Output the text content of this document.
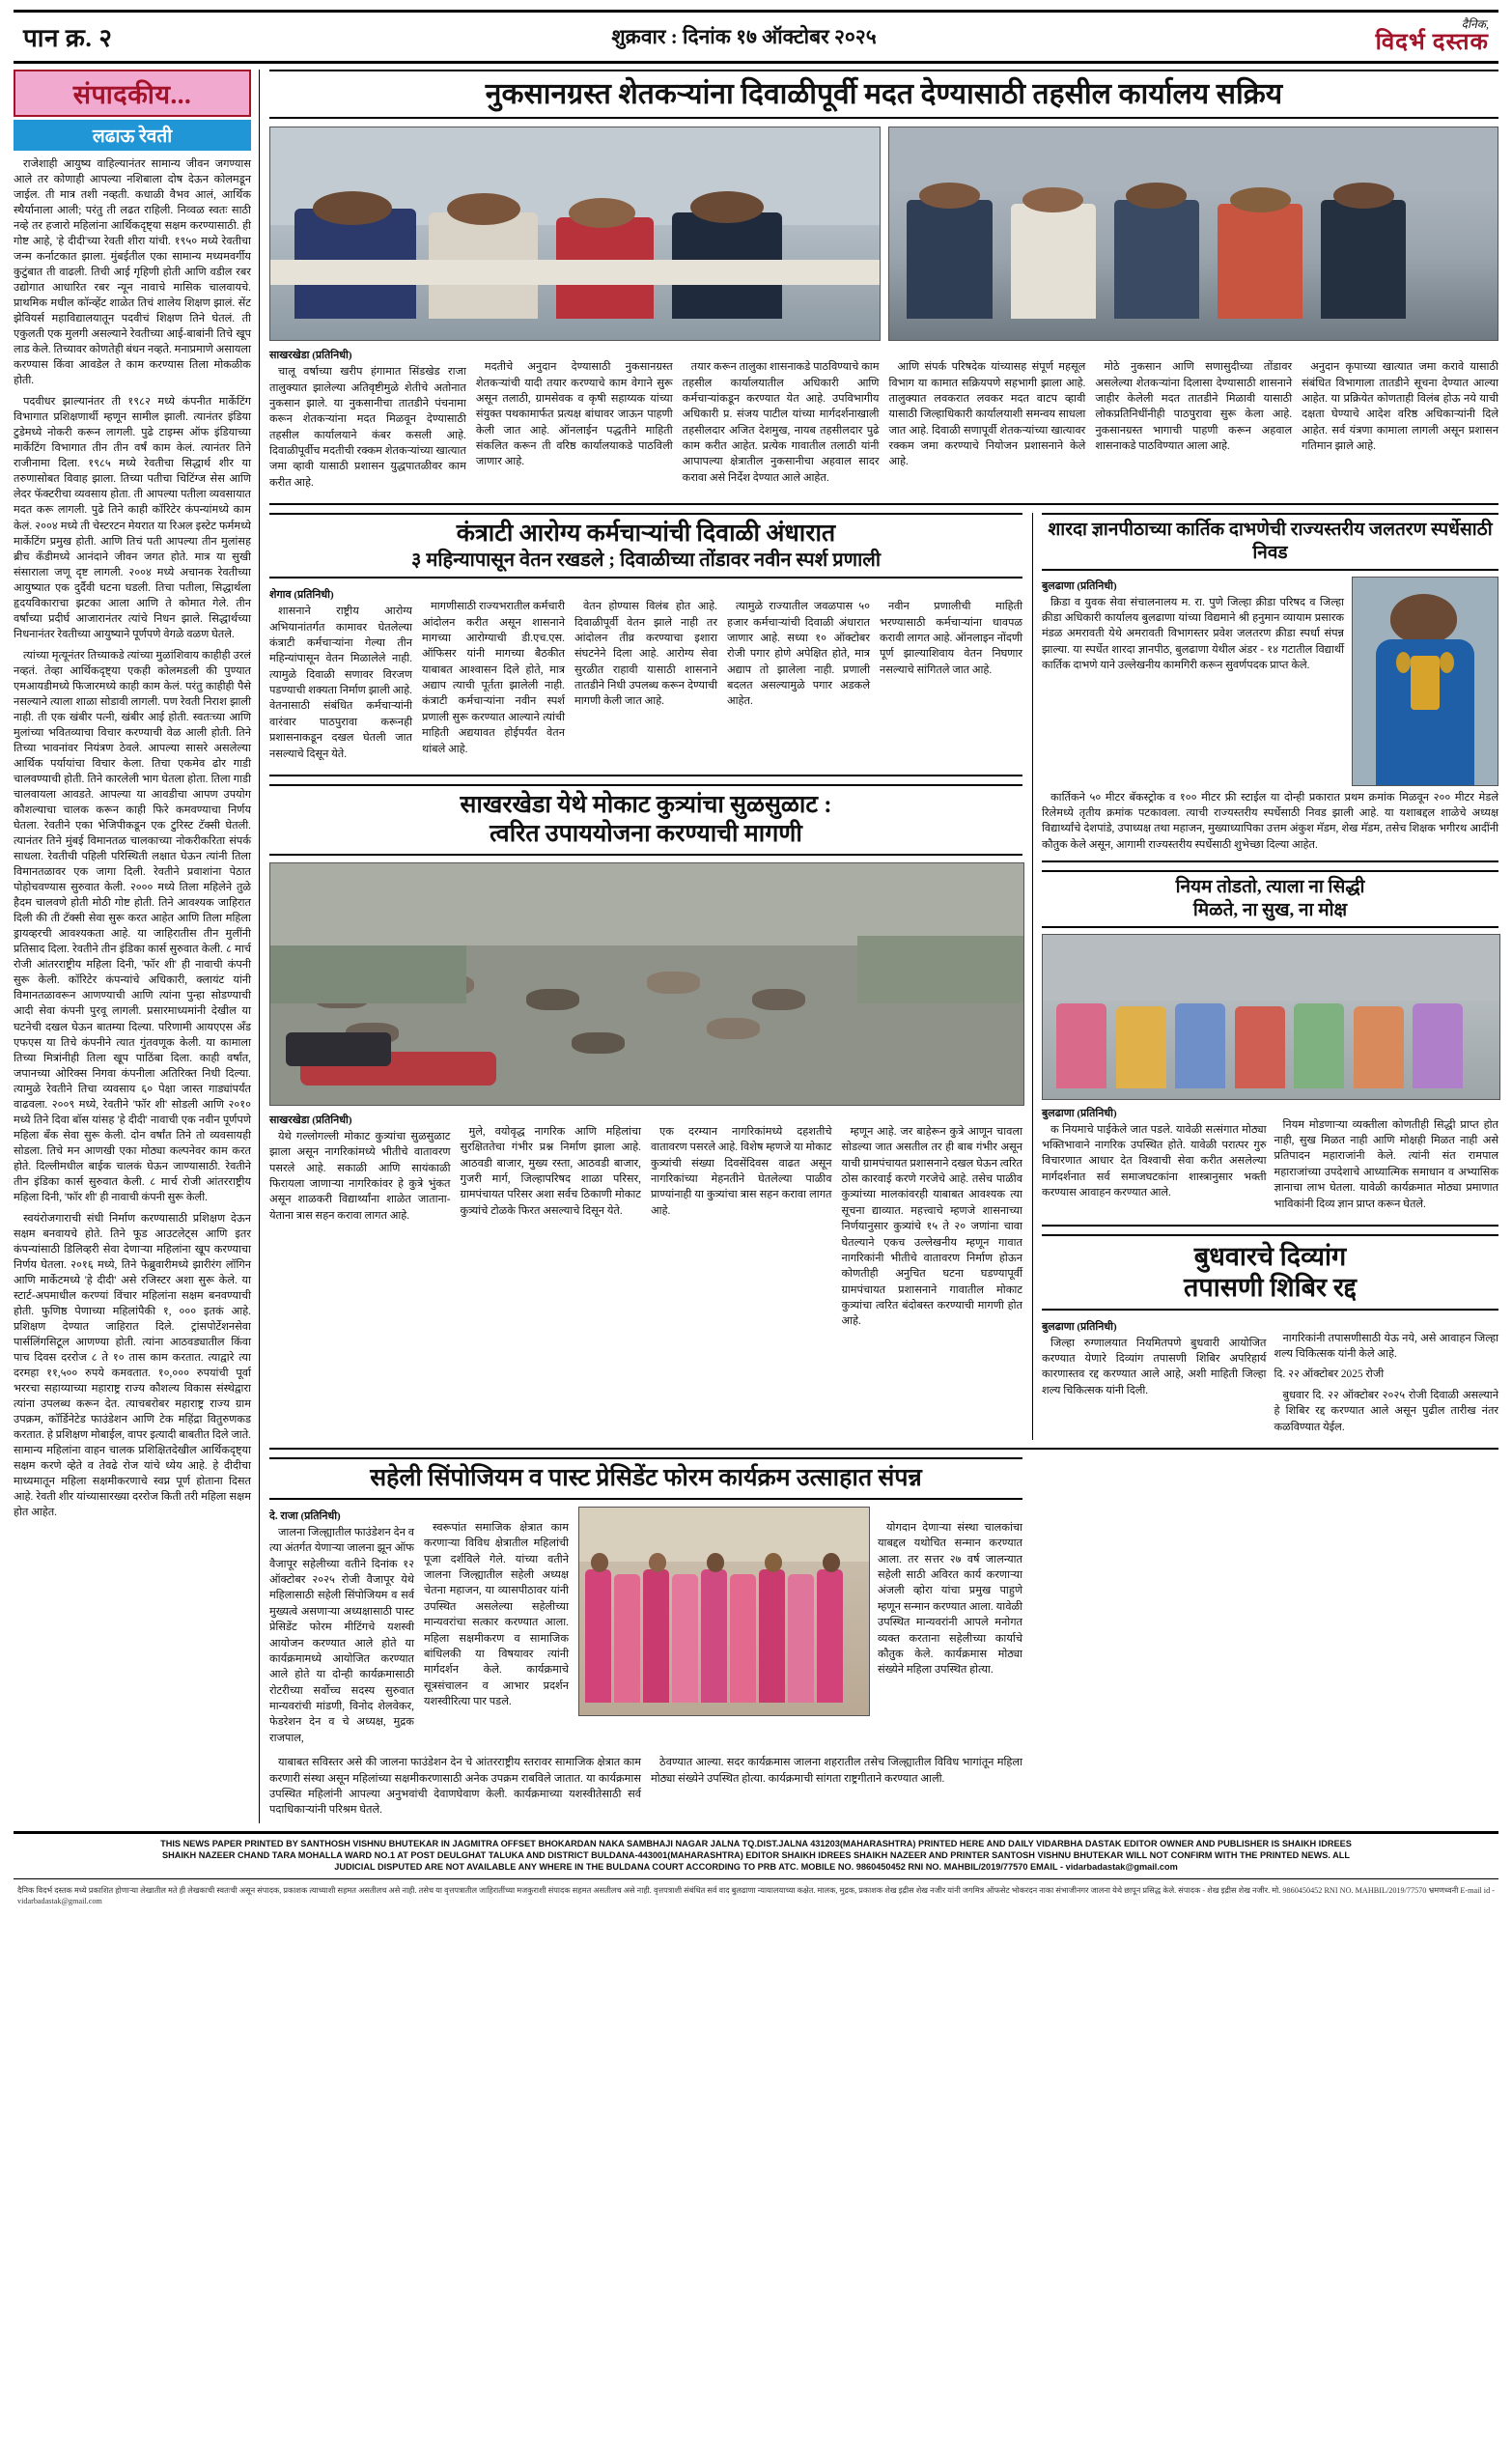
पान क्र. २	शुक्रवार : दिनांक १७ ऑक्टोबर २०२५
दैनिक,
विदर्भ दस्तक
संपादकीय...
लढाऊ रेवती

राजेशाही आयुष्य वाहिल्यानंतर सामान्य जीवन जगण्यास आले तर कोणाही आपल्या नशिबाला दोष देऊन कोलमडून जाईल. ती मात्र तशी नव्हती. कधाळी वैभव आलं, आर्थिक स्थैर्यानाला आली; परंतु ती लढत राहिली. निव्वळ स्वतः साठी नव्हे तर हजारो महिलांना आर्थिकदृष्ट्या सक्षम करण्यासाठी. ही गोष्ट आहे, 'हे दीदी'च्या रेवती शीरा यांची. १९५० मध्ये रेवतीचा जन्म कर्नाटकात झाला. मुंबईतील एका सामान्य मध्यमवर्गीय कुटुंबात ती वाढली. तिची आई गृहिणी होती आणि वडील रबर उद्योगात आधारित रबर न्यून नावाचे मासिक चालवायचे. प्राथमिक मधील कॉन्व्हेंट शाळेत तिचं शालेय शिक्षण झालं. सेंट झेवियर्स महाविद्यालयातून पदवीचं शिक्षण तिने घेतलं. ती एकुलती एक मुलगी असल्याने रेवतीच्या आई-बाबांनी तिचे खूप लाड केले. तिच्यावर कोणतेही बंधन नव्हते. मनाप्रमाणे असायला करण्यास किंवा आवडेल ते काम करण्यास तिला मोकळीक होती.

पदवीधर झाल्यानंतर ती १९८२ मध्ये कंपनीत मार्केटिंग विभागात प्रशिक्षणार्थी म्हणून सामील झाली. त्यानंतर इंडिया टुडेमध्ये नोकरी करून लागली. पुढे टाइम्स ऑफ इंडियाच्या मार्केटिंग विभागात तीन तीन वर्षं काम केलं. त्यानंतर तिने राजीनामा दिला. १९८५ मध्ये रेवतीचा सिद्धार्थ शीर या तरुणासोबत विवाह झाला. तिच्या पतीचा चिटिंग्ज सेस आणि लेदर फॅक्टरीचा व्यवसाय होता. ती आपल्या पतीला व्यवसायात मदत करू लागली. पुढे तिने काही कॉरिटेर कंपन्यांमध्ये काम केलं. २००४ मध्ये ती चेस्टरटन मेयरात या रिअल इस्टेट फर्ममध्ये मार्केटिंग प्रमुख होती. आणि तिचं पती आपल्या तीन मुलांसह ब्रीच कँडीमध्ये आनंदाने जीवन जगत होते. मात्र या सुखी संसाराला जणू दृष्ट लागली. २००४ मध्ये अचानक रेवतीच्या आयुष्यात एक दुर्दैवी घटना घडली. तिचा पतीला, सिद्धार्थला हृदयविकाराचा झटका आला आणि ते कोमात गेले. तीन वर्षांच्या प्रदीर्घ आजारानंतर त्यांचे निधन झाले. सिद्धार्थच्या निधनानंतर रेवतीच्या आयुष्याने पूर्णपणे वेगळे वळण घेतले.

त्यांच्या मृत्यूनंतर तिच्याकडे त्यांच्या मुळांशिवाय काहीही उरलं नव्हतं. तेव्हा आर्थिकदृष्ट्या एकही कोलमडली की पुण्यात एमआयडीमध्ये फिजारमध्ये काही काम केलं. परंतु काहीही पैसे नसल्याने त्याला शाळा सोडावी लागली. पण रेवती निराश झाली नाही. ती एक खंबीर पत्नी, खंबीर आई होती. स्वतःच्या आणि मुलांच्या भवितव्याचा विचार करण्याची वेळ आली होती. तिने तिच्या भावनांवर नियंत्रण ठेवले. आपल्या सासरे असलेल्या आर्थिक पर्यायांचा विचार केला. तिचा एकमेव ढोर गाडी चालवण्याची होती. तिने कारलेली भाग घेतला होता. तिला गाडी चालवायला आवडते. आपल्या या आवडीचा आपण उपयोग कौशल्याचा चालक करून काही फिरे कमवण्याचा निर्णय घेतला. रेवतीने एका भेजिपीकडून एक टुरिस्ट टॅक्सी घेतली. त्यानंतर तिने मुंबई विमानतळ चालकाच्या नोकरीकरिता संपर्क साधला. रेवतीची पहिली परिस्थिती लक्षात घेऊन त्यांनी तिला विमानतळावर एक जागा दिली. रेवतीने प्रवाशांना पेठात पोहोचवण्यास सुरुवात केली. २००० मध्ये तिला महिलेने तुळे हैदम चालवणे होती मोठी गोष्ट होती. तिने आवश्यक जाहिरात दिली की ती टॅक्सी सेवा सुरू करत आहेत आणि तिला महिला ड्रायव्हरची आवश्यकता आहे. या जाहिरातीस तीन मुलींनी प्रतिसाद दिला. रेवतीने तीन इंडिका कार्स सुरुवात केली. ८ मार्च रोजी आंतरराष्ट्रीय महिला दिनी, 'फॉर शी' ही नावाची कंपनी सुरू केली. कॉरिटेर कंपन्यांचे अधिकारी, क्लायंट यांनी विमानतळावरून आणण्याची आणि त्यांना पुन्हा सोडण्याची आदी सेवा कंपनी पुरवू लागली. प्रसारमाध्यमांनी देखील या घटनेची दखल घेऊन बातम्या दिल्या. परिणामी आयएएस ॲंड एफएस या तिचे कंपनीने त्यात गुंतवणूक केली. या कामाला तिच्या मित्रांनीही तिला खूप पाठिंबा दिला. काही वर्षांत, जपानच्या ओरिक्स निगवा कंपनीला अतिरिक्त निधी दिल्या. त्यामुळे रेवतीने तिचा व्यवसाय ६० पेक्षा जास्त गाड्यांपर्यंत वाढवला. २००९ मध्ये, रेवतीने 'फॉर शी' सोडली आणि २०१० मध्ये तिने दिवा बॉस यांसह 'हे दीदी' नावाची एक नवीन पूर्णपणे महिला बँक सेवा सुरू केली. दोन वर्षांत तिने तो व्यवसायही सोडला. तिचे मन आणखी एका मोठ्या कल्पनेवर काम करत होते. दिल्लीमधील बाईक चालकं घेऊन जाण्यासाठी. रेवतीने तीन इंडिका कार्स सुरुवात केली. ८ मार्च रोजी आंतरराष्ट्रीय महिला दिनी, 'फॉर शी' ही नावाची कंपनी सुरू केली.

स्वयंरोजगाराची संधी निर्माण करण्यासाठी प्रशिक्षण देऊन सक्षम बनवायचे होते. तिने फूड आउटलेट्स आणि इतर कंपन्यांसाठी डिलिव्हरी सेवा देणाऱ्या महिलांना खूप करण्याचा निर्णय घेतला. २०१६ मध्ये, तिने फेब्रुवारीमध्ये झारीरंग लॉगिन आणि मार्केटमध्ये 'हे दीदी' असे रजिस्टर अशा सुरू केले. या स्टार्ट-अपमाधील करण्यां विंचार महिलांना सक्षम बनवण्याची होती. फुणिष्ठ पेणाच्या महिलांपैकी १, ००० इतकं आहे. प्रशिक्षण देण्यात जाहिरात दिले. ट्रांसपोर्टेशनसेवा पार्सलिंगसिटूल आणण्या होती. त्यांना आठवड्यातील किंवा पाच दिवस दररोज ८ ते १० तास काम करतात. त्याद्वारे त्या दरमहा ११,५०० रुपये कमवतात. १०,००० रुपयांची पूर्वा भररचा सहाय्याच्या महाराष्ट्र राज्य कौशल्य विकास संस्थेद्वारा त्यांना उपलब्ध करून देत. त्याचबरोबर महाराष्ट्र राज्य ग्राम उपक्रम, कॉर्डिनेटेड फाउंडेशन आणि टेक महिंद्रा वितुरुणकड करतात. हे प्रशिक्षण मोबाईल, वापर इत्यादी बाबतीत दिले जाते. सामान्य महिलांना वाहन चालक प्रशिक्षितदेखील आर्थिकदृष्ट्या सक्षम करणे व्हेते व तेवढे रोज यांचे ध्येय आहे. हे दीदीचा माध्यमातून महिला सक्षमीकरणाचे स्वप्न पूर्ण होताना दिसत आहे. रेवती शीर यांच्यासारख्या दररोज किती तरी महिला सक्षम होत आहेत.

नुकसानग्रस्त शेतकऱ्यांना दिवाळीपूर्वी मदत देण्यासाठी तहसील कार्यालय सक्रिय
साखरखेडा (प्रतिनिधी)

चालू वर्षाच्या खरीप हंगामात सिंडखेड राजा तालुक्यात झालेल्या अतिवृष्टीमुळे शेतीचे अतोनात नुकसान झाले. या नुकसानीचा तातडीने पंचनामा करून शेतकऱ्यांना मदत मिळवून देण्यासाठी तहसील कार्यालयाने कंबर कसली आहे. दिवाळीपूर्वीच मदतीची रक्कम शेतकऱ्यांच्या खात्यात जमा व्हावी यासाठी प्रशासन युद्धपातळीवर काम करीत आहे.

मदतीचे अनुदान देण्यासाठी नुकसानग्रस्त शेतकऱ्यांची यादी तयार करण्याचे काम वेगाने सुरू असून तलाठी, ग्रामसेवक व कृषी सहाय्यक यांच्या संयुक्त पथकामार्फत प्रत्यक्ष बांधावर जाऊन पाहणी केली जात आहे. ऑनलाईन पद्धतीने माहिती संकलित करून ती वरिष्ठ कार्यालयाकडे पाठविली जाणार आहे.

तयार करून तालुका शासनाकडे पाठविण्याचे काम तहसील कार्यालयातील अधिकारी आणि कर्मचाऱ्यांकडून करण्यात येत आहे. उपविभागीय अधिकारी प्र. संजय पाटील यांच्या मार्गदर्शनाखाली तहसीलदार अजित देशमुख, नायब तहसीलदार पुढे काम करीत आहेत. प्रत्येक गावातील तलाठी यांनी आपापल्या क्षेत्रातील नुकसानीचा अहवाल सादर करावा असे निर्देश देण्यात आले आहेत.

आणि संपर्क परिषदेक यांच्यासह संपूर्ण महसूल विभाग या कामात सक्रियपणे सहभागी झाला आहे. तालुक्यात लवकरात लवकर मदत वाटप व्हावी यासाठी जिल्हाधिकारी कार्यालयाशी समन्वय साधला जात आहे. दिवाळी सणापूर्वी शेतकऱ्यांच्या खात्यावर रक्कम जमा करण्याचे नियोजन प्रशासनाने केले आहे.

मोठे नुकसान आणि सणासुदीच्या तोंडावर असलेल्या शेतकऱ्यांना दिलासा देण्यासाठी शासनाने जाहीर केलेली मदत तातडीने मिळावी यासाठी लोकप्रतिनिधींनीही पाठपुरावा सुरू केला आहे. नुकसानग्रस्त भागाची पाहणी करून अहवाल शासनाकडे पाठविण्यात आला आहे.

अनुदान कृपाच्या खात्यात जमा करावे यासाठी संबंधित विभागाला तातडीने सूचना देण्यात आल्या आहेत. या प्रक्रियेत कोणताही विलंब होऊ नये याची दक्षता घेण्याचे आदेश वरिष्ठ अधिकाऱ्यांनी दिले आहेत. सर्व यंत्रणा कामाला लागली असून प्रशासन गतिमान झाले आहे.

कंत्राटी आरोग्य कर्मचाऱ्यांची दिवाळी अंधारात
३ महिन्यापासून वेतन रखडले ; दिवाळीच्या तोंडावर नवीन स्पर्श प्रणाली
शेगाव (प्रतिनिधी)

शासनाने राष्ट्रीय आरोग्य अभियानांतर्गत कामावर घेतलेल्या कंत्राटी कर्मचाऱ्यांना गेल्या तीन महिन्यांपासून वेतन मिळालेले नाही. त्यामुळे दिवाळी सणावर विरजण पडण्याची शक्यता निर्माण झाली आहे. वेतनासाठी संबंधित कर्मचाऱ्यांनी वारंवार पाठपुरावा करूनही प्रशासनाकडून दखल घेतली जात नसल्याचे दिसून येते.

मागणीसाठी राज्यभरातील कर्मचारी आंदोलन करीत असून शासनाने मागच्या आरोग्याची डी.एच.एस. ऑफिसर यांनी मागच्या बैठकीत याबाबत आश्वासन दिले होते, मात्र अद्याप त्याची पूर्तता झालेली नाही. कंत्राटी कर्मचाऱ्यांना नवीन स्पर्श प्रणाली सुरू करण्यात आल्याने त्यांची माहिती अद्ययावत होईपर्यंत वेतन थांबले आहे.

वेतन होण्यास विलंब होत आहे. दिवाळीपूर्वी वेतन झाले नाही तर आंदोलन तीव्र करण्याचा इशारा संघटनेने दिला आहे. आरोग्य सेवा सुरळीत राहावी यासाठी शासनाने तातडीने निधी उपलब्ध करून देण्याची मागणी केली जात आहे.

त्यामुळे राज्यातील जवळपास ५० हजार कर्मचाऱ्यांची दिवाळी अंधारात जाणार आहे. सध्या १० ऑक्टोबर रोजी पगार होणे अपेक्षित होते, मात्र अद्याप तो झालेला नाही. प्रणाली बदलत असल्यामुळे पगार अडकले आहेत.

नवीन प्रणालीची माहिती भरण्यासाठी कर्मचाऱ्यांना धावपळ करावी लागत आहे. ऑनलाइन नोंदणी पूर्ण झाल्याशिवाय वेतन निघणार नसल्याचे सांगितले जात आहे.

साखरखेडा येथे मोकाट कुत्र्यांचा सुळसुळाट :
त्वरित उपाययोजना करण्याची मागणी
साखरखेडा (प्रतिनिधी)

येथे गल्लोगल्ली मोकाट कुत्र्यांचा सुळसुळाट झाला असून नागरिकांमध्ये भीतीचे वातावरण पसरले आहे. सकाळी आणि सायंकाळी फिरायला जाणाऱ्या नागरिकांवर हे कुत्रे भुंकत असून शाळकरी विद्यार्थ्यांना शाळेत जाताना-येताना त्रास सहन करावा लागत आहे.

मुले, वयोवृद्ध नागरिक आणि महिलांचा सुरक्षिततेचा गंभीर प्रश्न निर्माण झाला आहे. आठवडी बाजार, मुख्य रस्ता, आठवडी बाजार, गुजरी मार्ग, जिल्हापरिषद शाळा परिसर, ग्रामपंचायत परिसर अशा सर्वच ठिकाणी मोकाट कुत्र्यांचे टोळके फिरत असल्याचे दिसून येते.

एक दरम्यान नागरिकांमध्ये दहशतीचे वातावरण पसरले आहे. विशेष म्हणजे या मोकाट कुत्र्यांची संख्या दिवसेंदिवस वाढत असून नागरिकांच्या मेहनतीने घेतलेल्या पाळीव प्राण्यांनाही या कुत्र्यांचा त्रास सहन करावा लागत आहे.

म्हणून आहे. जर बाहेरून कुत्रे आणून चावला सोडल्या जात असतील तर ही बाब गंभीर असून याची ग्रामपंचायत प्रशासनाने दखल घेऊन त्वरित ठोस कारवाई करणे गरजेचे आहे. तसेच पाळीव कुत्र्यांच्या मालकांवरही याबाबत आवश्यक त्या सूचना द्याव्यात. महत्त्वाचे म्हणजे शासनाच्या निर्णयानुसार कुत्र्यांचे १५ ते २० जणांना चावा घेतल्याने एकच उल्लेखनीय म्हणून गावात नागरिकांनी भीतीचे वातावरण निर्माण होऊन कोणतीही अनुचित घटना घडण्यापूर्वी ग्रामपंचायत प्रशासनाने गावातील मोकाट कुत्र्यांचा त्वरित बंदोबस्त करण्याची मागणी होत आहे.

शारदा ज्ञानपीठाच्या कार्तिक दाभणेची राज्यस्तरीय जलतरण स्पर्धेसाठी निवड
बुलढाणा (प्रतिनिधी)

क्रिडा व युवक सेवा संचालनालय म. रा. पुणे जिल्हा क्रीडा परिषद व जिल्हा क्रीडा अधिकारी कार्यालय बुलढाणा यांच्या विद्यमाने श्री हनुमान व्यायाम प्रसारक मंडळ अमरावती येथे अमरावती विभागस्तर प्रवेश जलतरण क्रीडा स्पर्धा संपन्न झाल्या. या स्पर्धेत शारदा ज्ञानपीठ, बुलढाणा येथील अंडर - १४ गटातील विद्यार्थी कार्तिक दाभणे याने उल्लेखनीय कामगिरी करून सुवर्णपदक प्राप्त केले.

कार्तिकने ५० मीटर बॅकस्ट्रोक व १०० मीटर फ्री स्टाईल या दोन्ही प्रकारात प्रथम क्रमांक मिळवून २०० मीटर मेडले रिलेमध्ये तृतीय क्रमांक पटकावला. त्याची राज्यस्तरीय स्पर्धेसाठी निवड झाली आहे. या यशाबद्दल शाळेचे अध्यक्ष विद्यार्थ्यांचे देशपांडे, उपाध्यक्ष तथा महाजन, मुख्याध्यापिका उत्तम अंकुश मॅडम, शेख मॅडम, तसेच शिक्षक भगीरथ आदींनी कौतुक केले असून, आगामी राज्यस्तरीय स्पर्धेसाठी शुभेच्छा दिल्या आहेत.

नियम तोडतो, त्याला ना सिद्धी
मिळते, ना सुख, ना मोक्ष
बुलढाणा (प्रतिनिधी)

क नियमाचे पाईकेले जात पडले. यावेळी सत्संगात मोठ्या भक्तिभावाने नागरिक उपस्थित होते. यावेळी परात्पर गुरु विचारणात आधार देत विश्वाची सेवा करीत असलेल्या मार्गदर्शनात सर्व समाजघटकांना शास्त्रानुसार भक्ती करण्यास आवाहन करण्यात आले.

नियम मोडणाऱ्या व्यक्तीला कोणतीही सिद्धी प्राप्त होत नाही, सुख मिळत नाही आणि मोक्षही मिळत नाही असे प्रतिपादन महाराजांनी केले. त्यांनी संत रामपाल महाराजांच्या उपदेशाचे आध्यात्मिक समाधान व अभ्यासिक ज्ञानाचा लाभ घेतला. यावेळी कार्यक्रमात मोठ्या प्रमाणात भाविकांनी दिव्य ज्ञान प्राप्त करून घेतले.

बुधवारचे दिव्यांग
तपासणी शिबिर रद्द
बुलढाणा (प्रतिनिधी)

जिल्हा रुग्णालयात नियमितपणे बुधवारी आयोजित करण्यात येणारे दिव्यांग तपासणी शिबिर अपरिहार्य कारणास्तव रद्द करण्यात आले आहे, अशी माहिती जिल्हा शल्य चिकित्सक यांनी दिली.

नागरिकांनी तपासणीसाठी येऊ नये, असे आवाहन जिल्हा शल्य चिकित्सक यांनी केले आहे.

दि. २२ ऑक्टोबर 2025 रोजी

बुधवार दि. २२ ऑक्टोबर २०२५ रोजी दिवाळी असल्याने हे शिबिर रद्द करण्यात आले असून पुढील तारीख नंतर कळविण्यात येईल.

सहेली सिंपोजियम व पास्ट प्रेसिडेंट फोरम कार्यक्रम उत्साहात संपन्न
दे. राजा (प्रतिनिधी)

जालना जिल्ह्यातील फाउंडेशन देन व त्या अंतर्गत येणाऱ्या जालना झून ऑफ वैजापूर सहेलीच्या वतीने दिनांक १२ ऑक्टोबर २०२५ रोजी वैजापूर येथे महिलासाठी सहेली सिंपोजियम व सर्व मुख्यत्वे असणाऱ्या अध्यक्षासाठी पास्ट प्रेसिडेंट फोरम मीटिंगचे यशस्वी आयोजन करण्यात आले होते या कार्यक्रमामध्ये आयोजित करण्यात आले होते या दोन्ही कार्यक्रमासाठी रोटरीच्या सर्वोच्च सदस्य सुरुवात मान्यवरांची मांडणी, विनोद शेलवेकर, फेडरेशन देन व चे अध्यक्ष, मुद्रक राजपाल,

स्वरूपांत समाजिक क्षेत्रात काम करणाऱ्या विविध क्षेत्रातील महिलांची पूजा दर्शविले गेले. यांच्या वतीने जालना जिल्ह्यातील सहेली अध्यक्ष चेतना महाजन, या व्यासपीठावर यांनी उपस्थित असलेल्या सहेलीच्या मान्यवरांचा सत्कार करण्यात आला. महिला सक्षमीकरण व सामाजिक बांधिलकी या विषयावर त्यांनी मार्गदर्शन केले. कार्यक्रमाचे सूत्रसंचालन व आभार प्रदर्शन यशस्वीरित्या पार पडले.

योगदान देणाऱ्या संस्था चालकांचा याबद्दल यथोचित सन्मान करण्यात आला. तर सत्तर २७ वर्ष जालन्यात सहेली साठी अविरत कार्य करणाऱ्या अंजली व्होरा यांचा प्रमुख पाहुणे म्हणून सन्मान करण्यात आला. यावेळी उपस्थित मान्यवरांनी आपले मनोगत व्यक्त करताना सहेलीच्या कार्याचे कौतुक केले. कार्यक्रमास मोठ्या संख्येने महिला उपस्थित होत्या.

याबाबत सविस्तर असे की जालना फाउंडेशन देन चे आंतरराष्ट्रीय स्तरावर सामाजिक क्षेत्रात काम करणारी संस्था असून महिलांच्या सक्षमीकरणासाठी अनेक उपक्रम राबविले जातात. या कार्यक्रमास उपस्थित महिलांनी आपल्या अनुभवांची देवाणघेवाण केली. कार्यक्रमाच्या यशस्वीतेसाठी सर्व पदाधिकाऱ्यांनी परिश्रम घेतले.

ठेवण्यात आल्या. सदर कार्यक्रमास जालना शहरातील तसेच जिल्ह्यातील विविध भागांतून महिला मोठ्या संख्येने उपस्थित होत्या. कार्यक्रमाची सांगता राष्ट्रगीताने करण्यात आली.

THIS NEWS PAPER PRINTED BY SANTHOSH VISHNU BHUTEKAR IN JAGMITRA OFFSET BHOKARDAN NAKA SAMBHAJI NAGAR JALNA TQ.DIST.JALNA 431203(MAHARASHTRA) PRINTED HERE AND DAILY VIDARBHA DASTAK EDITOR OWNER AND PUBLISHER IS SHAIKH IDREES
SHAIKH NAZEER CHAND TARA MOHALLA WARD NO.1 AT POST DEULGHAT TALUKA AND DISTRICT BULDANA-443001(MAHARASHTRA) EDITOR SHAIKH IDREES SHAIKH NAZEER AND PRINTER SANTOSH VISHNU BHUTEKAR WILL NOT CONFIRM WITH THE PRINTED NEWS. ALL
JUDICIAL DISPUTED ARE NOT AVAILABLE ANY WHERE IN THE BULDANA COURT ACCORDING TO PRB ATC. MOBILE NO. 9860450452 RNI NO. MAHBIL/2019/77570 EMAIL - vidarbadastak@gmail.com
दैनिक विदर्भ दस्तक मध्ये प्रकाशित होणाऱ्या लेखातील मते ही लेखकाची स्वतःची असून संपादक, प्रकाशक त्याच्याशी सहमत असतीलच असे नाही. तसेच या वृत्तपत्रातील जाहिरातींच्या मजकुराशी संपादक सहमत असतीलच असे नाही. वृत्तपत्राशी संबंधित सर्व वाद बुलढाणा न्यायालयाच्या कक्षेत. मालक, मुद्रक, प्रकाशक शेख इद्रीस शेख नजीर यांनी जगमित्र ऑफसेट भोकरदन नाका संभाजीनगर जालना येथे छापून प्रसिद्ध केले. संपादक - शेख इद्रीस शेख नजीर. मो. 9860450452 RNI NO. MAHBIL/2019/77570 भ्रमणध्वनी E-mail id - vidarbadastak@gmail.com
